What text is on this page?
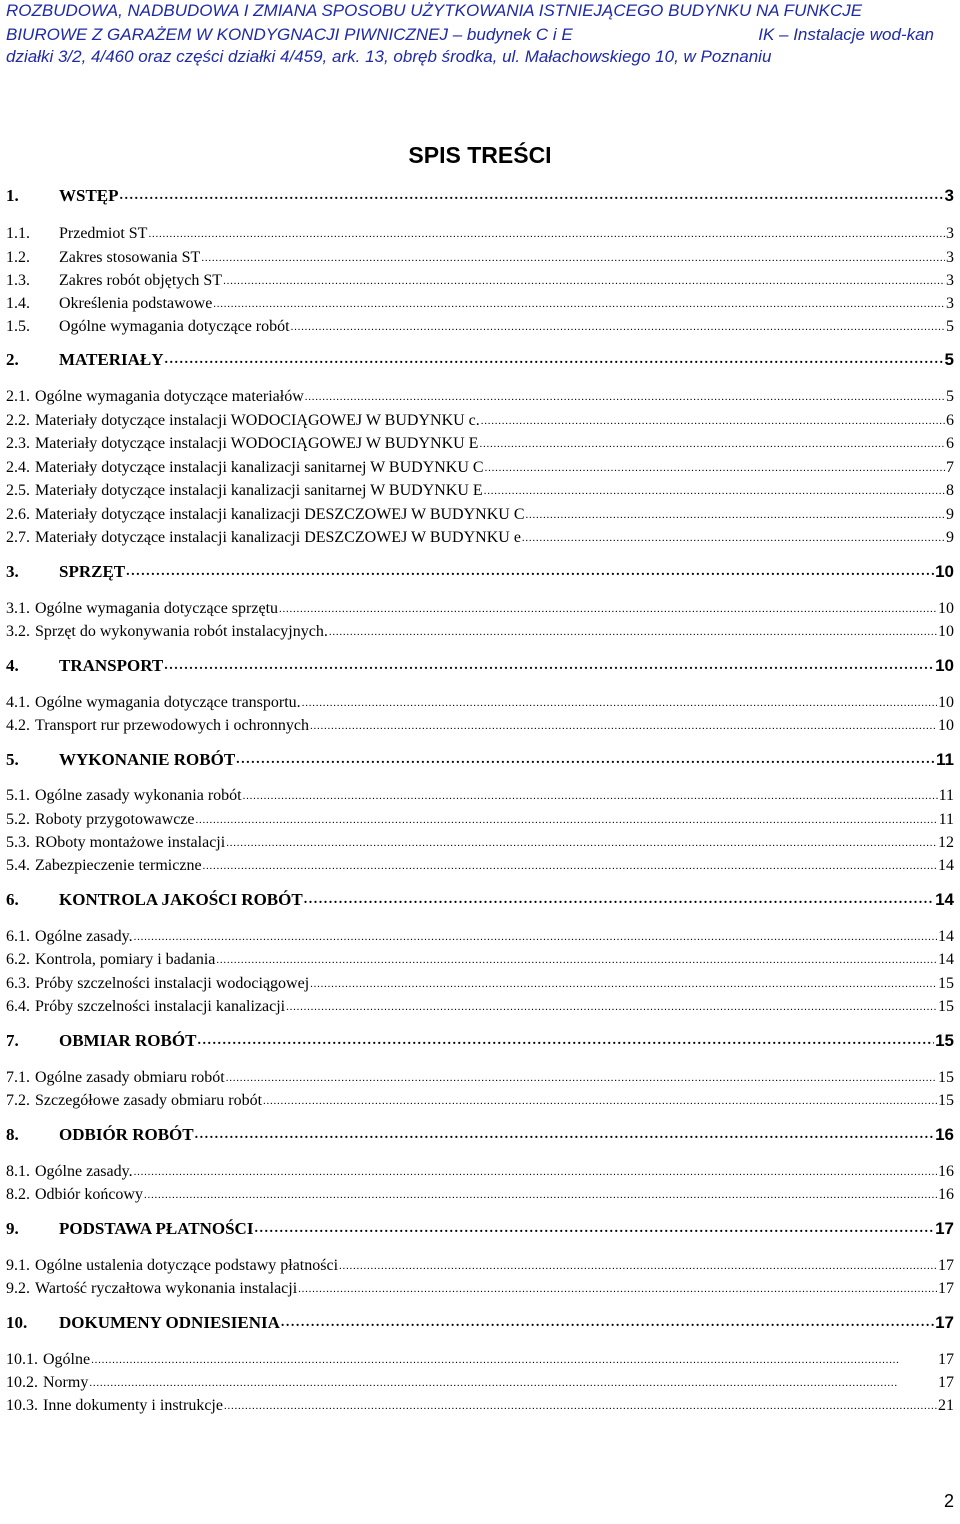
ROZBUDOWA, NADBUDOWA I ZMIANA SPOSOBU UŻYTKOWANIA ISTNIEJĄCEGO BUDYNKU NA FUNKCJE
BIUROWE Z GARAŻEM W KONDYGNACJI PIWNICZNEJ – budynek C i E	IK – Instalacje wod-kan
działki 3/2, 4/460 oraz części działki 4/459, ark. 13, obręb środka, ul. Małachowskiego 10, w Poznaniu
SPIS TREŚCI
1.	WSTĘP . . .	3
1.1.	Przedmiot ST . . .	3
1.2.	Zakres stosowania ST . . .	3
1.3.	Zakres robót objętych ST . . .	3
1.4.	Określenia podstawowe . . .	3
1.5.	Ogólne wymagania dotyczące robót . . .	5
2.	MATERIAŁY . . .	5
2.1. Ogólne wymagania dotyczące materiałów . . .	5
2.2. Materiały dotyczące instalacji WODOCIĄGOWEJ W BUDYNKU c. . . .	6
2.3. Materiały dotyczące instalacji WODOCIĄGOWEJ W BUDYNKU E . . .	6
2.4. Materiały dotyczące instalacji kanalizacji sanitarnej W BUDYNKU C . . .	7
2.5. Materiały dotyczące instalacji kanalizacji sanitarnej W BUDYNKU E . . .	8
2.6. Materiały dotyczące instalacji kanalizacji DESZCZOWEJ W BUDYNKU C . . .	9
2.7. Materiały dotyczące instalacji kanalizacji DESZCZOWEJ W BUDYNKU e . . .	9
3.	SPRZĘT . . .	10
3.1. Ogólne wymagania dotyczące sprzętu . . .	10
3.2. Sprzęt do wykonywania robót instalacyjnych. . . .	10
4.	TRANSPORT . . .	10
4.1. Ogólne wymagania dotyczące transportu. . . .	10
4.2. Transport rur przewodowych i ochronnych . . .	10
5.	WYKONANIE ROBÓT . . .	11
5.1. Ogólne zasady wykonania robót . . .	11
5.2. Roboty przygotowawcze . . .	11
5.3. ROboty montażowe instalacji . . .	12
5.4. Zabezpieczenie termiczne . . .	14
6.	KONTROLA JAKOŚCI ROBÓT . . .	14
6.1. Ogólne zasady. . . .	14
6.2. Kontrola, pomiary i badania . . .	14
6.3. Próby szczelności instalacji wodociągowej . . .	15
6.4. Próby szczelności instalacji kanalizacji . . .	15
7.	OBMIAR ROBÓT . . .	15
7.1. Ogólne zasady obmiaru robót . . .	15
7.2. Szczegółowe zasady obmiaru robót . . .	15
8.	ODBIÓR ROBÓT . . .	16
8.1. Ogólne zasady. . . .	16
8.2. Odbiór końcowy . . .	16
9.	PODSTAWA PŁATNOŚCI . . .	17
9.1. Ogólne ustalenia dotyczące podstawy płatności . . .	17
9.2. Wartość ryczałtowa wykonania instalacji . . .	17
10.	DOKUMENY ODNIESIENIA . . .	17
10.1. Ogólne . . .	17
10.2. Normy . . .	17
10.3. Inne dokumenty i instrukcje . . .	21
2
